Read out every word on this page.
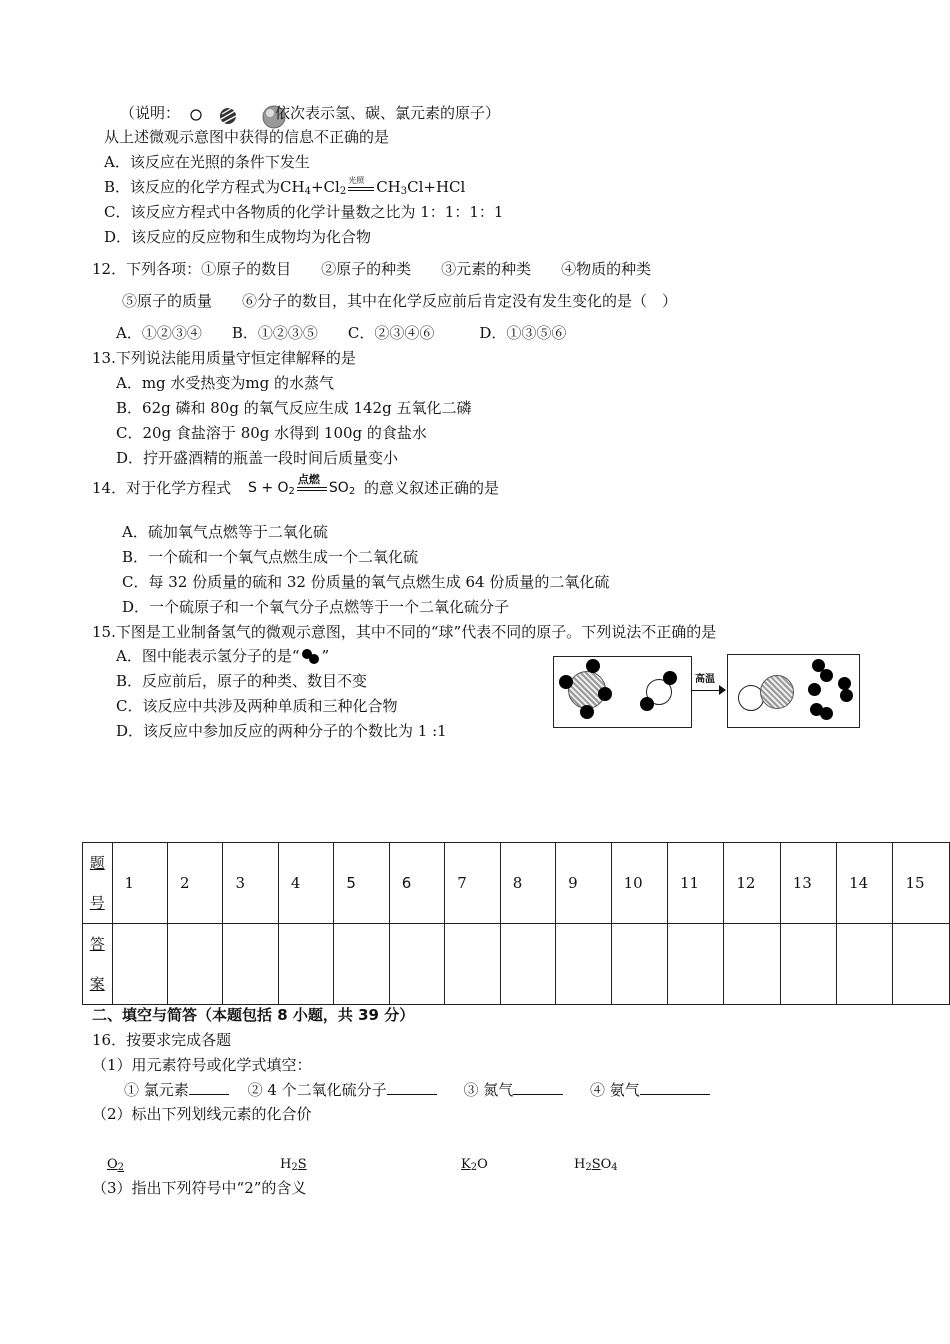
（说明：	依次表示氢、碳、氯元素的原子）
从上述微观示意图中获得的信息不正确的是
A．该反应在光照的条件下发生
B．该反应的化学方程式为$CH_4+Cl_2$
光照 $CH_3Cl+HCl$
C．该反应方程式中各物质的化学计量数之比为 1：1：1：1
D．该反应的反应物和生成物均为化合物
12．下列各项：①原子的数目　　②原子的种类　　③元素的种类　　④物质的种类
⑤原子的质量　　⑥分子的数目，其中在化学反应前后肯定没有发生变化的是（　）
A．①②③④　　B．①②③⑤　　C．②③④⑥　　　D．①③⑤⑥
13.下列说法能用质量守恒定律解释的是
A．mg 水受热变为mg 的水蒸气
B．62g 磷和 80g 的氧气反应生成 142g 五氧化二磷
C．20g 食盐溶于 80g 水得到 100g 的食盐水
D．拧开盛酒精的瓶盖一段时间后质量变小
14．对于化学方程式 $S + O_2$
点燃
$SO_2$ 的意义叙述正确的是
A．硫加氧气点燃等于二氧化硫
B．一个硫和一个氧气点燃生成一个二氧化硫
C．每 32 份质量的硫和 32 份质量的氧气点燃生成 64 份质量的二氧化硫
D．一个硫原子和一个氧气分子点燃等于一个二氧化硫分子
15.下图是工业制备氢气的微观示意图，其中不同的“球”代表不同的原子。下列说法不正确的是
A．图中能表示氢分子的是“ ”
B．反应前后，原子的种类、数目不变
C．该反应中共涉及两种单质和三种化合物
D．该反应中参加反应的两种分子的个数比为 1 :1
高温
题
号	1	2	3	4	5	6	7	8	9	10	11	12	13	14	15

答
案															

二、填空与简答（本题包括 8 小题，共 39 分）
16．按要求完成各题
（1）用元素符号或化学式填空：
① 氯元素	② 4 个二氧化硫分子	③ 氮气	④ 氨气
（2）标出下列划线元素的化合价
$O_2$	$H_2S$	$K_2O$	$H_2SO_4$
（3）指出下列符号中“2”的含义
